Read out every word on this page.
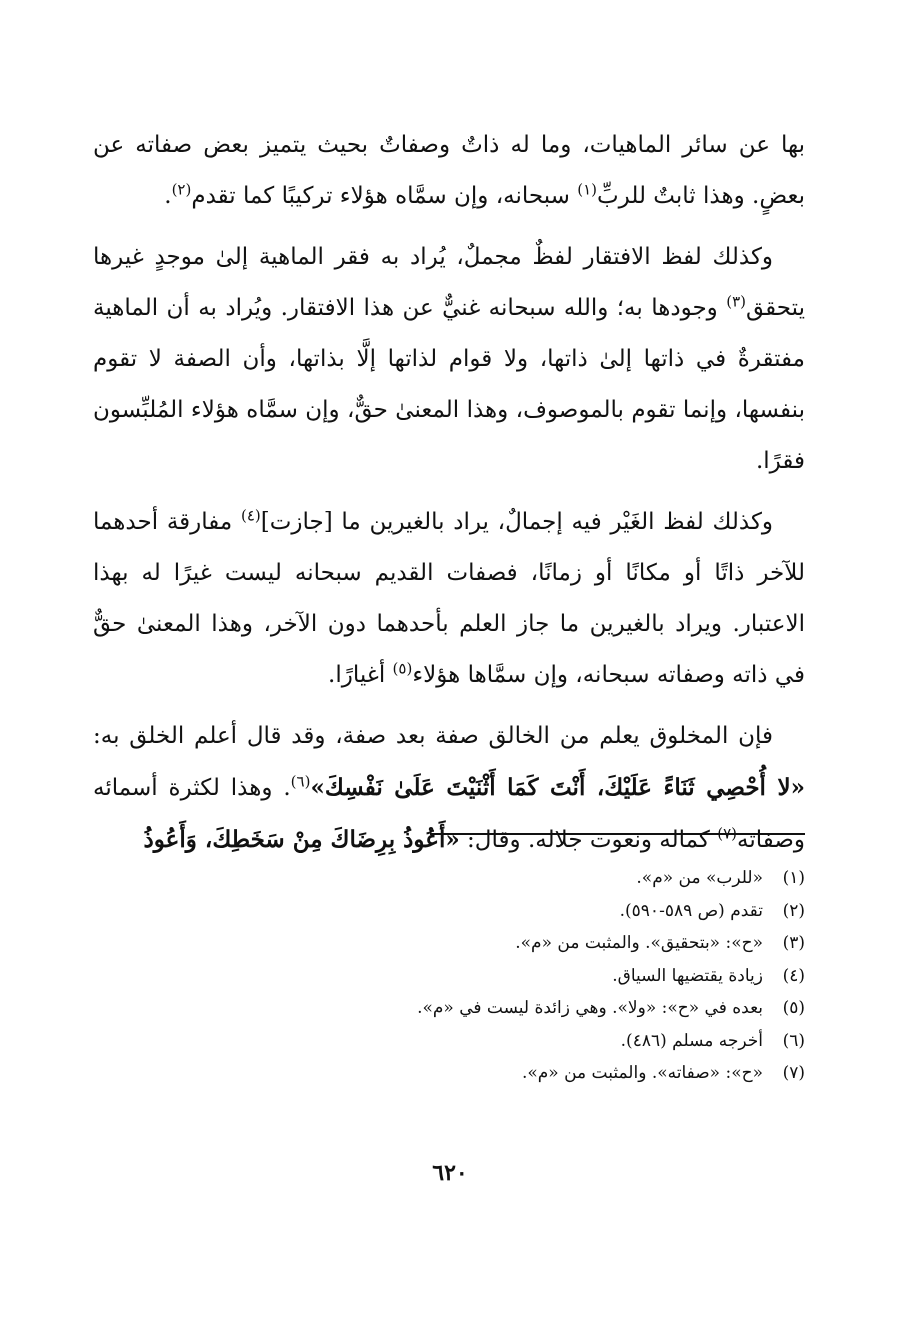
بها عن سائر الماهيات، وما له ذاتٌ وصفاتٌ بحيث يتميز بعض صفاته عن بعضٍ. وهذا ثابتٌ للربِّ$^{(١)}$ سبحانه، وإن سمَّاه هؤلاء تركيبًا كما تقدم$^{(٢)}$.

وكذلك لفظ الافتقار لفظٌ مجملٌ، يُراد به فقر الماهية إلىٰ موجدٍ غيرها يتحقق$^{(٣)}$ وجودها به؛ والله سبحانه غنيٌّ عن هذا الافتقار. ويُراد به أن الماهية مفتقرةٌ في ذاتها إلىٰ ذاتها، ولا قوام لذاتها إلَّا بذاتها، وأن الصفة لا تقوم بنفسها، وإنما تقوم بالموصوف، وهذا المعنىٰ حقٌّ، وإن سمَّاه هؤلاء المُلبِّسون فقرًا.

وكذلك لفظ الغَيْر فيه إجمالٌ، يراد بالغيرين ما [جازت]$^{(٤)}$ مفارقة أحدهما للآخر ذاتًا أو مكانًا أو زمانًا، فصفات القديم سبحانه ليست غيرًا له بهذا الاعتبار. ويراد بالغيرين ما جاز العلم بأحدهما دون الآخر، وهذا المعنىٰ حقٌّ في ذاته وصفاته سبحانه، وإن سمَّاها هؤلاء$^{(٥)}$ أغيارًا.

فإن المخلوق يعلم من الخالق صفة بعد صفة، وقد قال أعلم الخلق به: «لا أُحْصِي ثَنَاءً عَلَيْكَ، أَنْتَ كَمَا أَثْنَيْتَ عَلَىٰ نَفْسِكَ»$^{(٦)}$. وهذا لكثرة أسمائه وصفاته$^{(٧)}$ كماله ونعوت جلاله. وقال: «أَعُوذُ بِرِضَاكَ مِنْ سَخَطِكَ، وَأَعُوذُ

(١)«للرب» من «م».
(٢)تقدم (ص ٥٨٩-٥٩٠).
(٣)«ح»: «بتحقيق». والمثبت من «م».
(٤)زيادة يقتضيها السياق.
(٥)بعده في «ح»: «ولا». وهي زائدة ليست في «م».
(٦)أخرجه مسلم (٤٨٦).
(٧)«ح»: «صفاته». والمثبت من «م».
٦٢٠
